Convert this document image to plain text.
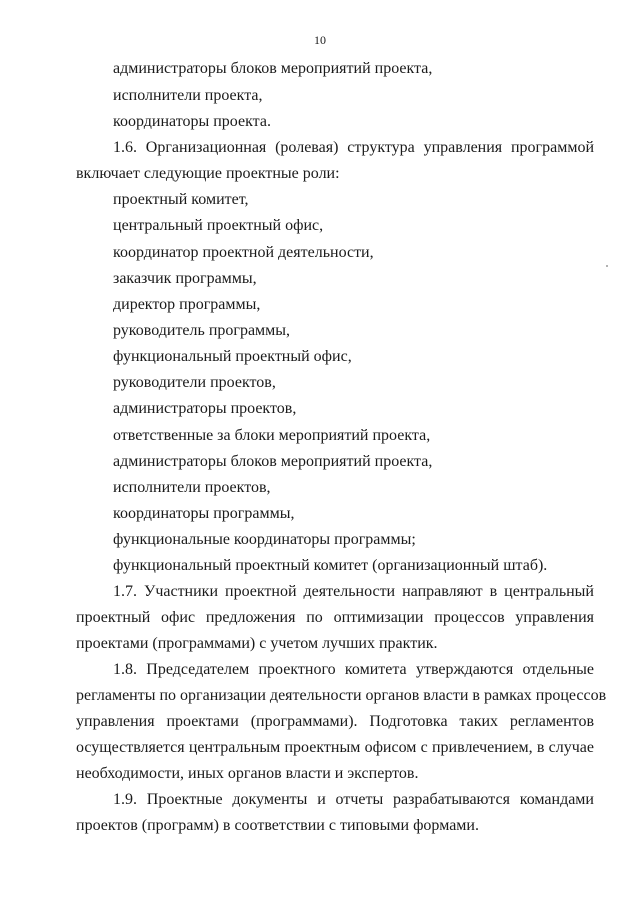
10
администраторы блоков мероприятий проекта,
исполнители проекта,
координаторы проекта.
1.6. Организационная (ролевая) структура управления программой
включает следующие проектные роли:
проектный комитет,
центральный проектный офис,
координатор проектной деятельности,
заказчик программы,
директор программы,
руководитель программы,
функциональный проектный офис,
руководители проектов,
администраторы проектов,
ответственные за блоки мероприятий проекта,
администраторы блоков мероприятий проекта,
исполнители проектов,
координаторы программы,
функциональные координаторы программы;
функциональный проектный комитет (организационный штаб).
1.7. Участники проектной деятельности направляют в центральный
проектный офис предложения по оптимизации процессов управления
проектами (программами) с учетом лучших практик.
1.8. Председателем проектного комитета утверждаются отдельные
регламенты по организации деятельности органов власти в рамках процессов
управления проектами (программами). Подготовка таких регламентов
осуществляется центральным проектным офисом с привлечением, в случае
необходимости, иных органов власти и экспертов.
1.9. Проектные документы и отчеты разрабатываются командами
проектов (программ) в соответствии с типовыми формами.
